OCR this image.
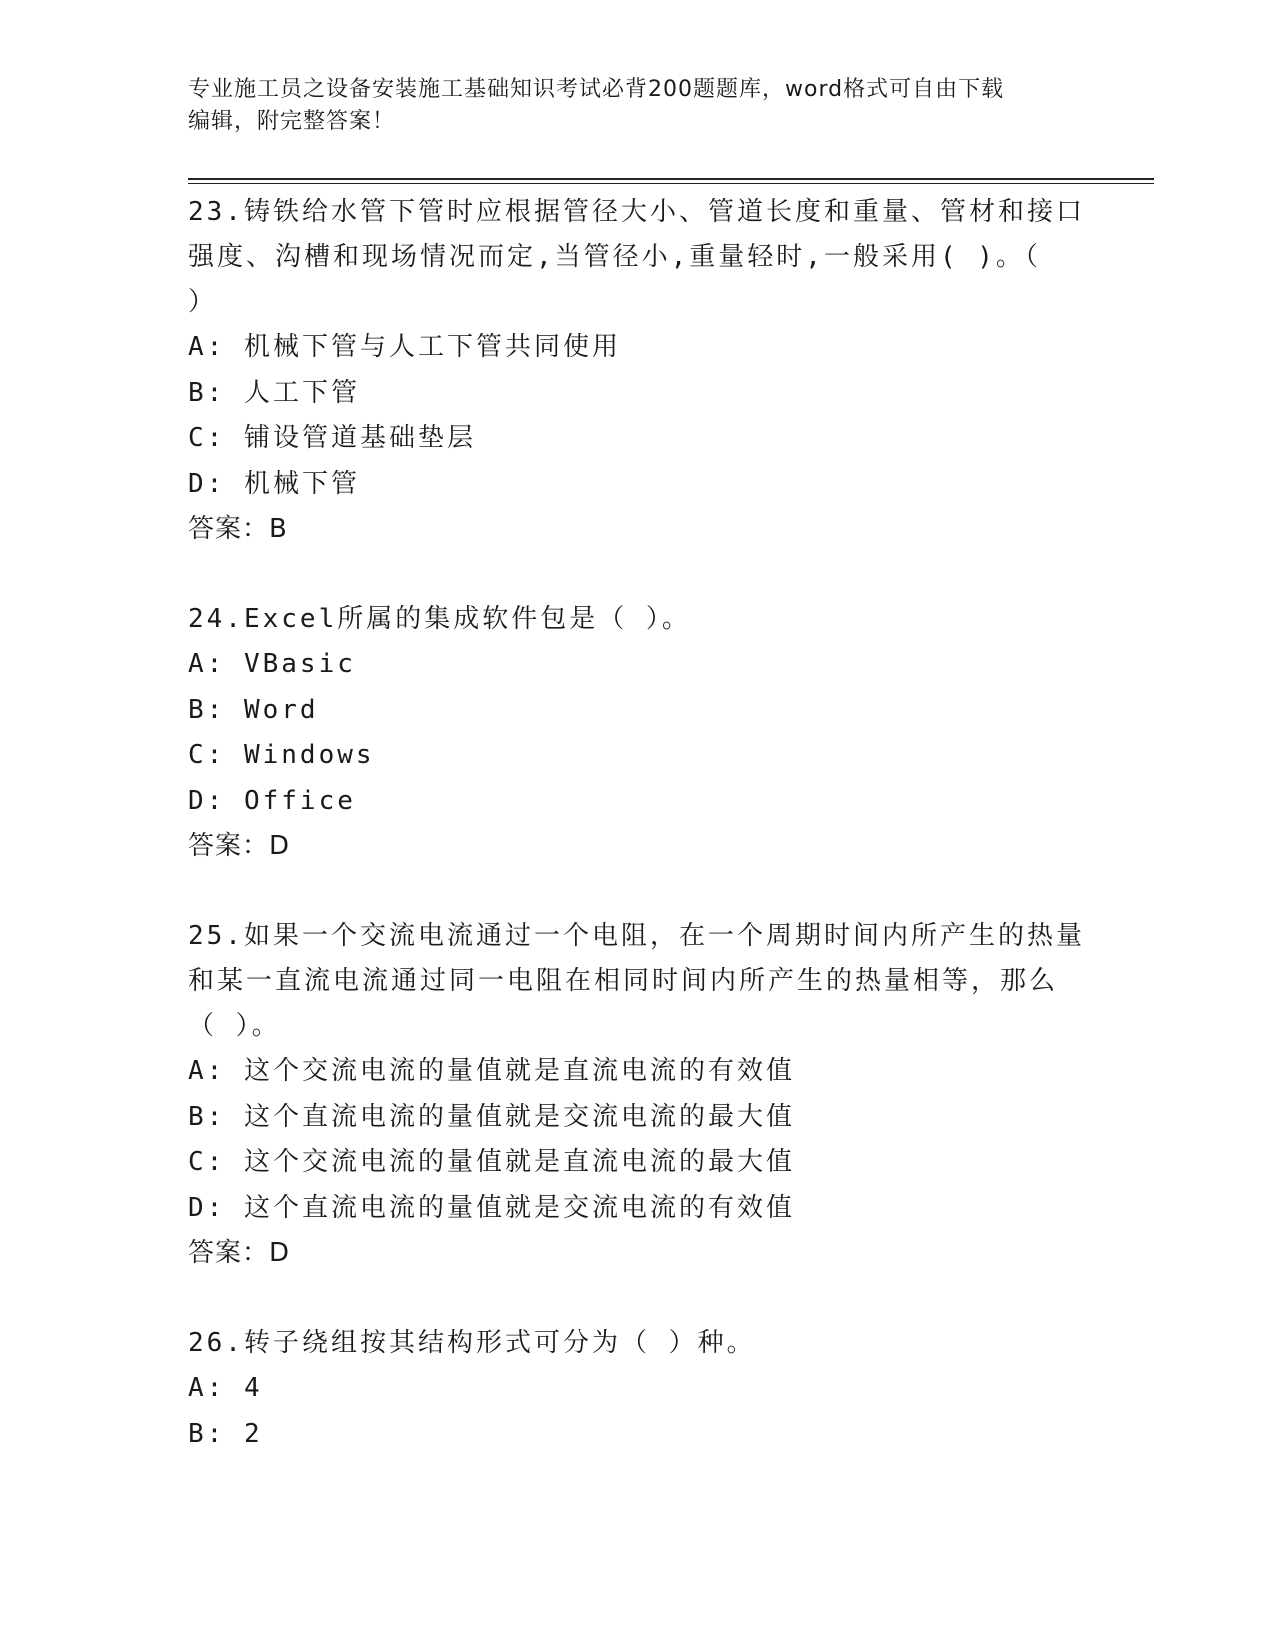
专业施工员之设备安装施工基础知识考试必背200题题库，word格式可自由下载
编辑，附完整答案！

23.铸铁给水管下管时应根据管径大小、管道长度和重量、管材和接口

强度、沟槽和现场情况而定,当管径小,重量轻时,一般采用( )。（

）

A: 机械下管与人工下管共同使用

B: 人工下管

C: 铺设管道基础垫层

D: 机械下管

答案：B

24.Excel所属的集成软件包是（ ）。

A: VBasic

B: Word

C: Windows

D: Office

答案：D

25.如果一个交流电流通过一个电阻，在一个周期时间内所产生的热量

和某一直流电流通过同一电阻在相同时间内所产生的热量相等，那么

（ ）。

A: 这个交流电流的量值就是直流电流的有效值

B: 这个直流电流的量值就是交流电流的最大值

C: 这个交流电流的量值就是直流电流的最大值

D: 这个直流电流的量值就是交流电流的有效值

答案：D

26.转子绕组按其结构形式可分为（ ）种。

A: 4

B: 2
